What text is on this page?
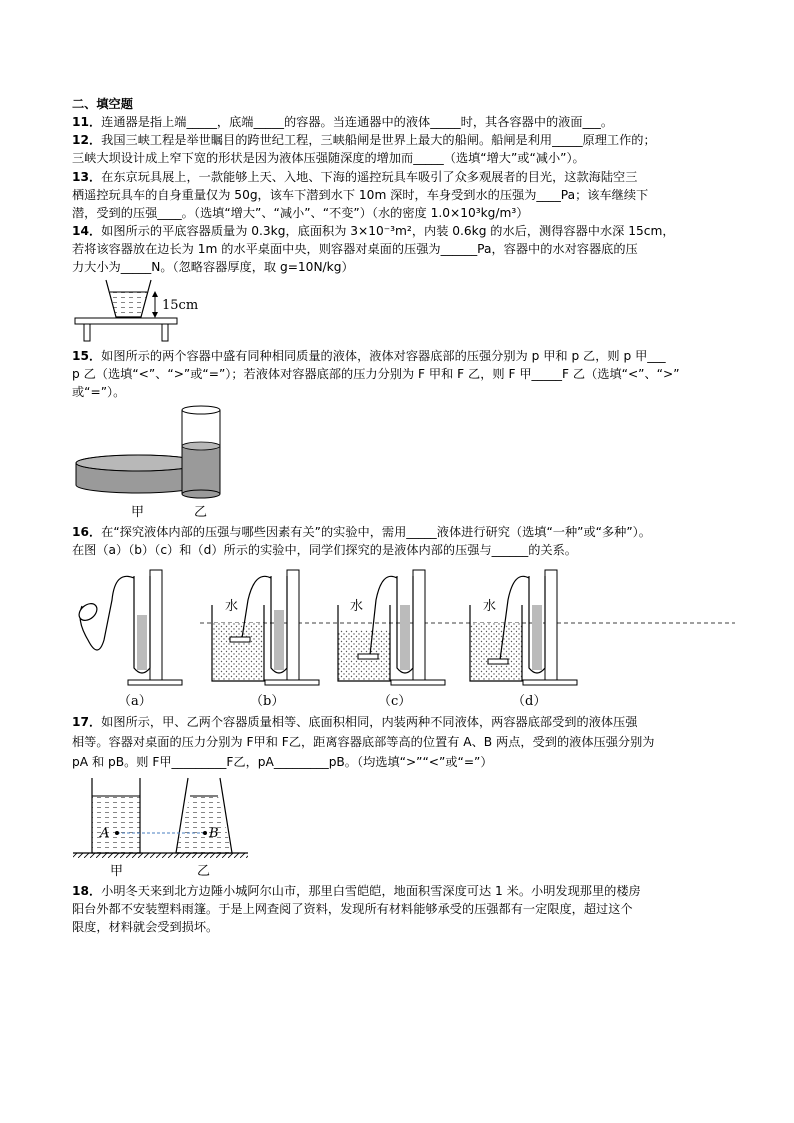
二、填空题
11．连通器是指上端_____，底端_____的容器。当连通器中的液体_____时，其各容器中的液面___。
12．我国三峡工程是举世瞩目的跨世纪工程，三峡船闸是世界上最大的船闸。船闸是利用_____原理工作的；
三峡大坝设计成上窄下宽的形状是因为液体压强随深度的增加而_____（选填“增大”或“减小”）。
13．在东京玩具展上，一款能够上天、入地、下海的遥控玩具车吸引了众多观展者的目光，这款海陆空三
栖遥控玩具车的自身重量仅为 50g，该车下潜到水下 10m 深时，车身受到水的压强为____Pa；该车继续下
潜，受到的压强____。（选填“增大”、“减小”、“不变”）（水的密度 1.0×10³kg/m³）
14．如图所示的平底容器质量为 0.3kg，底面积为 3×10⁻³m²，内装 0.6kg 的水后，测得容器中水深 15cm，
若将该容器放在边长为 1m 的水平桌面中央，则容器对桌面的压强为______Pa，容器中的水对容器底的压
力大小为_____N。（忽略容器厚度，取 g=10N/kg）
15．如图所示的两个容器中盛有同种相同质量的液体，液体对容器底部的压强分别为 p 甲和 p 乙，则 p 甲___
p 乙（选填“<”、“>”或“=”）；若液体对容器底部的压力分别为 F 甲和 F 乙，则 F 甲_____F 乙（选填“<”、“>”
或“=”）。
16．在“探究液体内部的压强与哪些因素有关”的实验中，需用_____液体进行研究（选填“一种”或“多种”）。
在图（a）（b）（c）和（d）所示的实验中，同学们探究的是液体内部的压强与______的关系。
17．如图所示，甲、乙两个容器质量相等、底面积相同，内装两种不同液体，两容器底部受到的液体压强
相等。容器对桌面的压力分别为 F甲和 F乙，距离容器底部等高的位置有 A、B 两点，受到的液体压强分别为
pA 和 pB。则 F甲_________F乙，pA_________pB。（均选填“>”“<”或“=”）
18．小明冬天来到北方边陲小城阿尔山市，那里白雪皑皑，地面积雪深度可达 1 米。小明发现那里的楼房
阳台外都不安装塑料雨篷。于是上网查阅了资料，发现所有材料能够承受的压强都有一定限度，超过这个
限度，材料就会受到损坏。
15cm
甲	乙
（a）
水
（b）
水
（c）
水
（d）
A	B
甲	乙
